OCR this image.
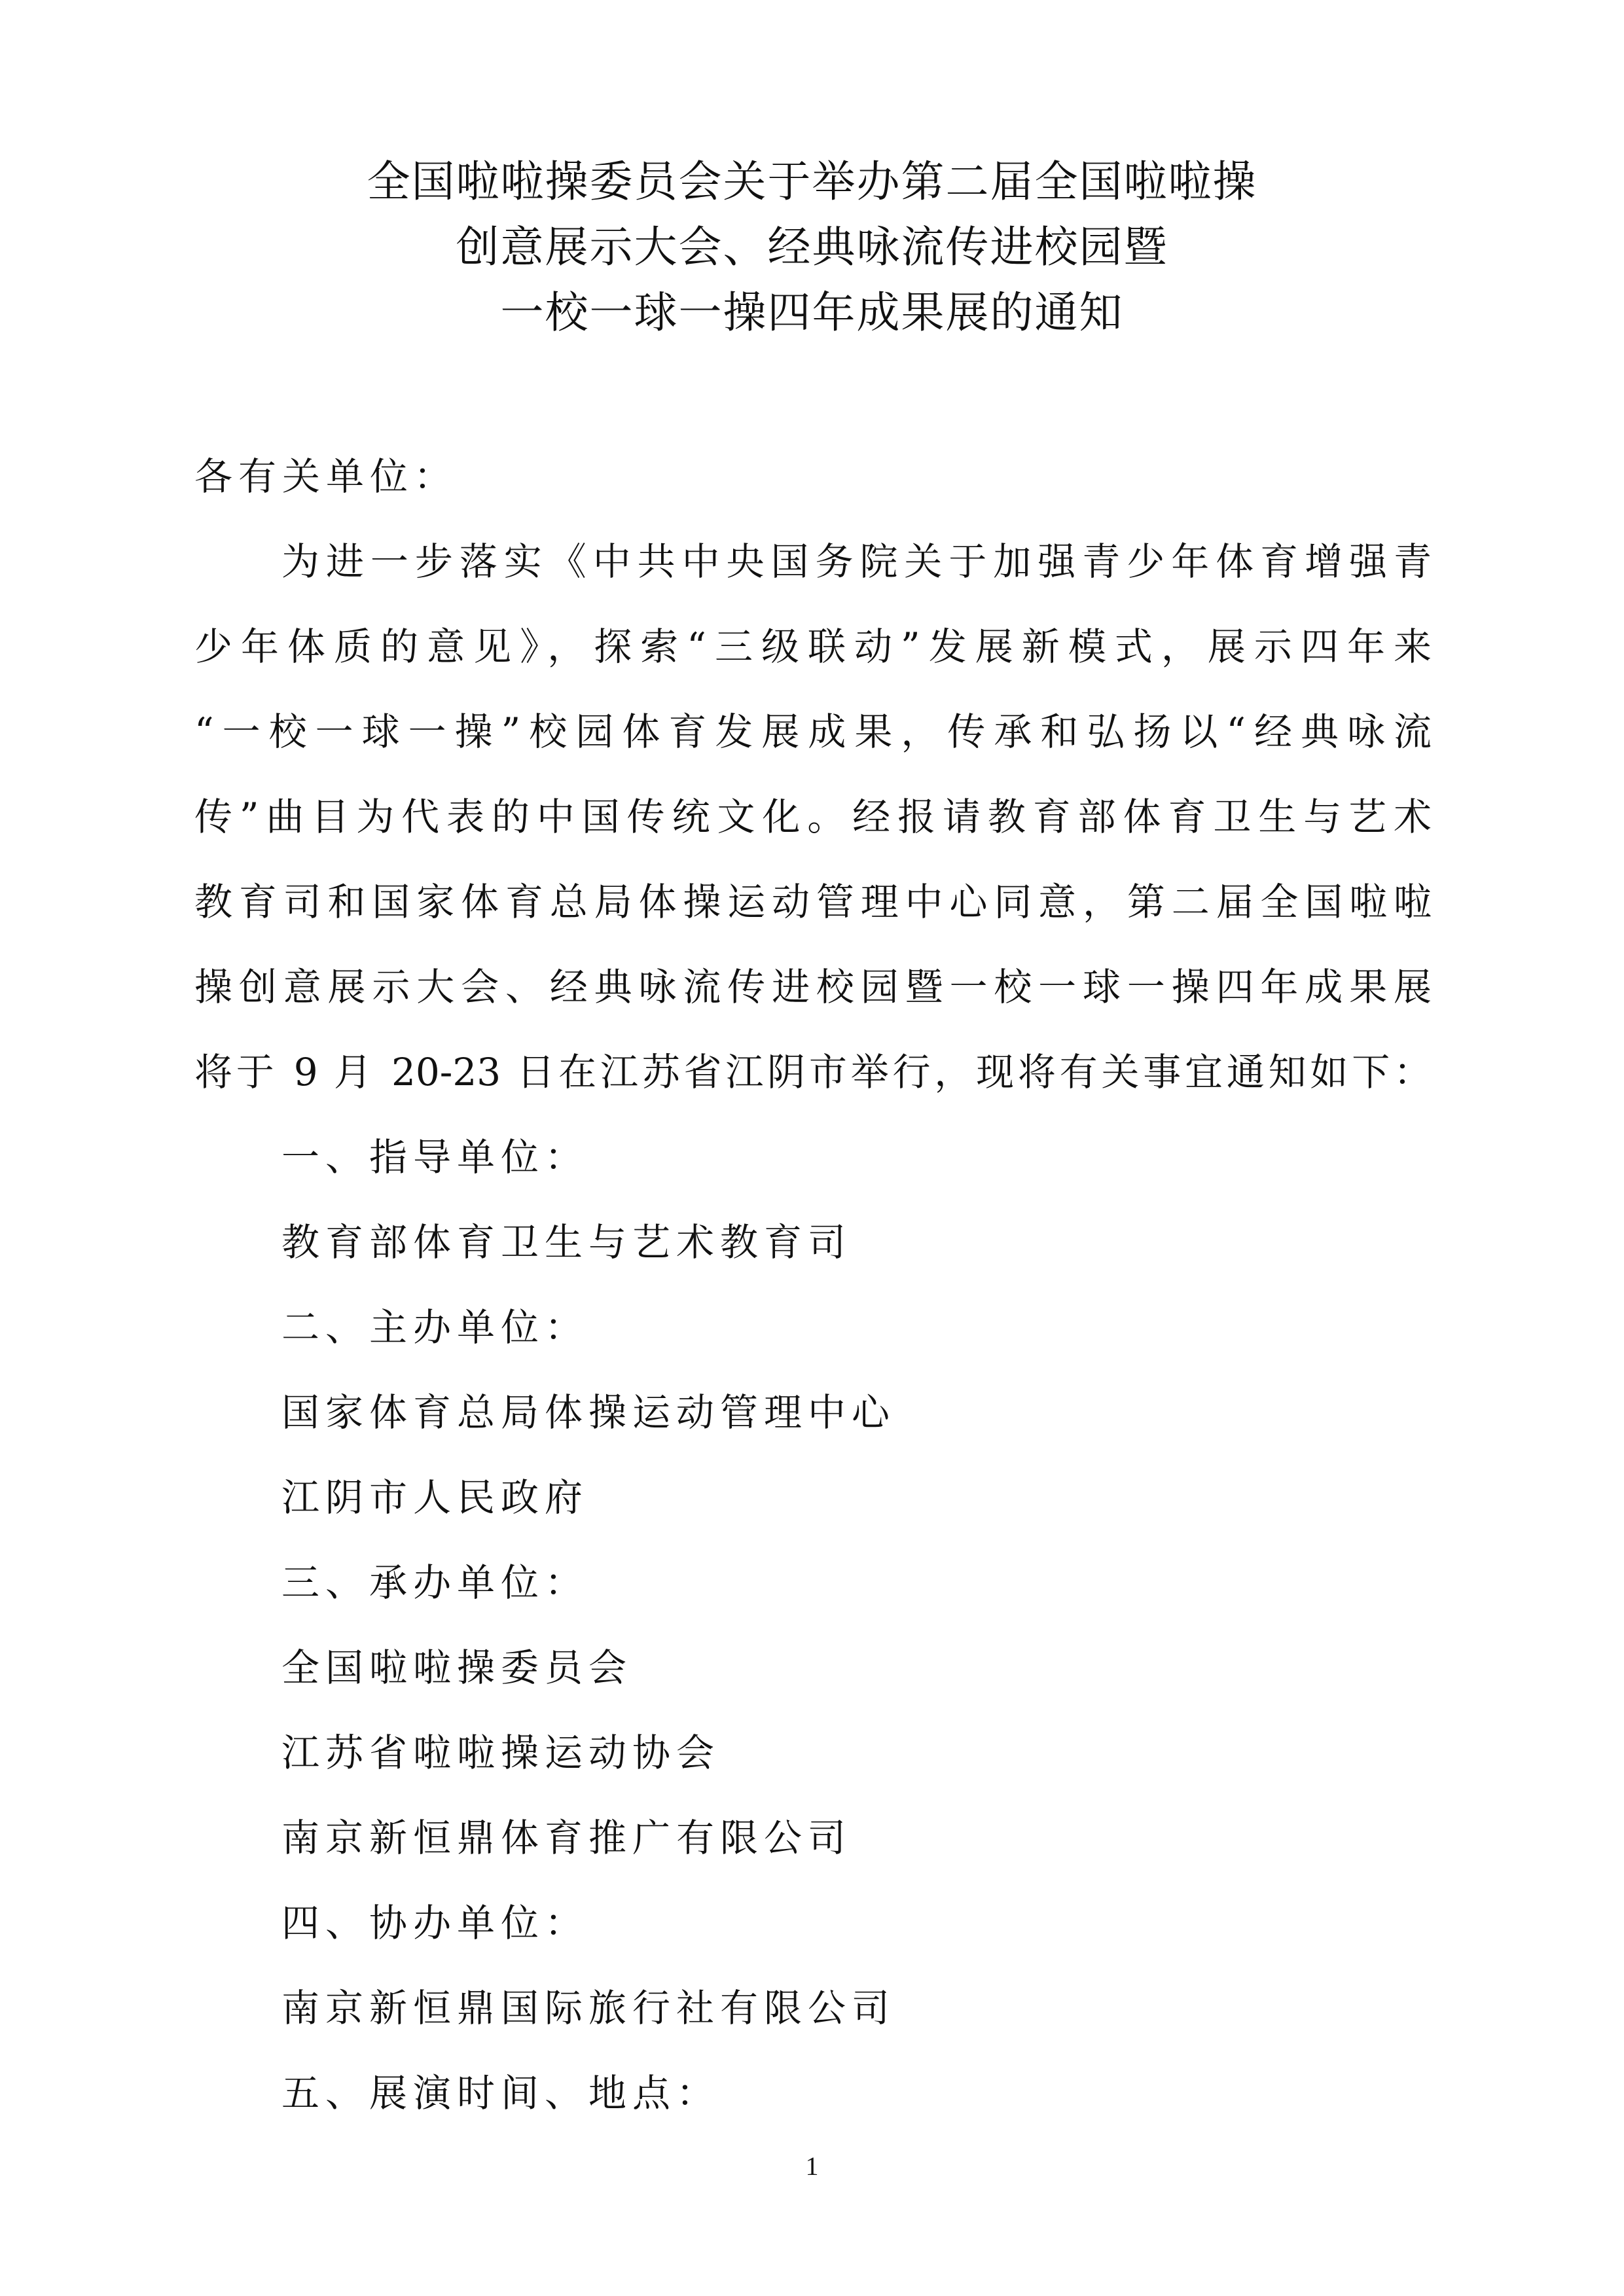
全国啦啦操委员会关于举办第二届全国啦啦操
创意展示大会、经典咏流传进校园暨
一校一球一操四年成果展的通知
各有关单位：
为进一步落实《中共中央国务院关于加强青少年体育增强青
少年体质的意见》，探索“三级联动”发展新模式，展示四年来
“一校一球一操”校园体育发展成果，传承和弘扬以“经典咏流
传”曲目为代表的中国传统文化。经报请教育部体育卫生与艺术
教育司和国家体育总局体操运动管理中心同意，第二届全国啦啦
操创意展示大会、经典咏流传进校园暨一校一球一操四年成果展
将于 9 月 20-23 日在江苏省江阴市举行，现将有关事宜通知如下：
一、指导单位：
教育部体育卫生与艺术教育司
二、主办单位：
国家体育总局体操运动管理中心
江阴市人民政府
三、承办单位：
全国啦啦操委员会
江苏省啦啦操运动协会
南京新恒鼎体育推广有限公司
四、协办单位：
南京新恒鼎国际旅行社有限公司
五、展演时间、地点：
1
